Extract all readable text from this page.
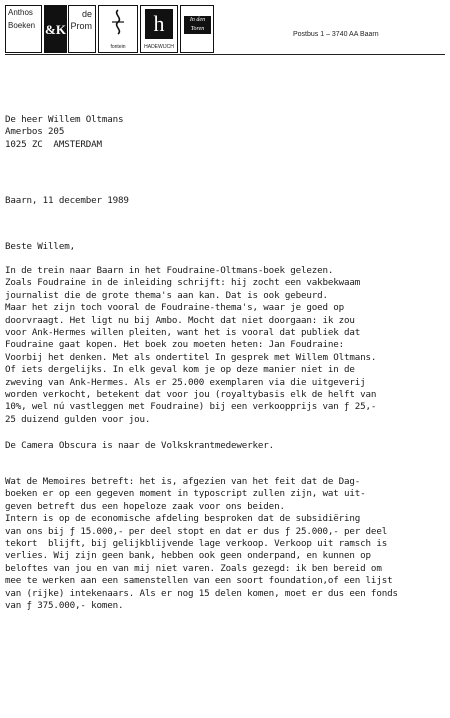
Anthos
Boeken &K
de
Prom
fontein
h
HADEWIJCH
In den
Toren
Postbus 1 – 3740 AA Baarn
De heer Willem Oltmans
Amerbos 205
1025 ZC  AMSTERDAM
Baarn, 11 december 1989
Beste Willem,
In de trein naar Baarn in het Foudraine-Oltmans-boek gelezen.
Zoals Foudraine in de inleiding schrijft: hij zocht een vakbekwaam
journalist die de grote thema's aan kan. Dat is ook gebeurd.
Maar het zijn toch vooral de Foudraine-thema's, waar je goed op
doorvraagt. Het ligt nu bij Ambo. Mocht dat niet doorgaan: ik zou
voor Ank-Hermes willen pleiten, want het is vooral dat publiek dat
Foudraine gaat kopen. Het boek zou moeten heten: Jan Foudraine:
Voorbij het denken. Met als ondertitel In gesprek met Willem Oltmans.
Of iets dergelijks. In elk geval kom je op deze manier niet in de
zweving van Ank-Hermes. Als er 25.000 exemplaren via die uitgeverij
worden verkocht, betekent dat voor jou (royaltybasis elk de helft van
10%, wel nú vastleggen met Foudraine) bij een verkoopprijs van ƒ 25,-
25 duizend gulden voor jou.
De Camera Obscura is naar de Volkskrantmedewerker.
Wat de Memoires betreft: het is, afgezien van het feit dat de Dag-
boeken er op een gegeven moment in typoscript zullen zijn, wat uit-
geven betreft dus een hopeloze zaak voor ons beiden.
Intern is op de economische afdeling besproken dat de subsidiëring
van ons bij ƒ 15.000,- per deel stopt en dat er dus ƒ 25.000,- per deel
tekort  blijft, bij gelijkblijvende lage verkoop. Verkoop uit ramsch is
verlies. Wij zijn geen bank, hebben ook geen onderpand, en kunnen op
beloftes van jou en van mij niet varen. Zoals gezegd: ik ben bereid om
mee te werken aan een samenstellen van een soort foundation,of een lijst
van (rijke) intekenaars. Als er nog 15 delen komen, moet er dus een fonds
van ƒ 375.000,- komen.
